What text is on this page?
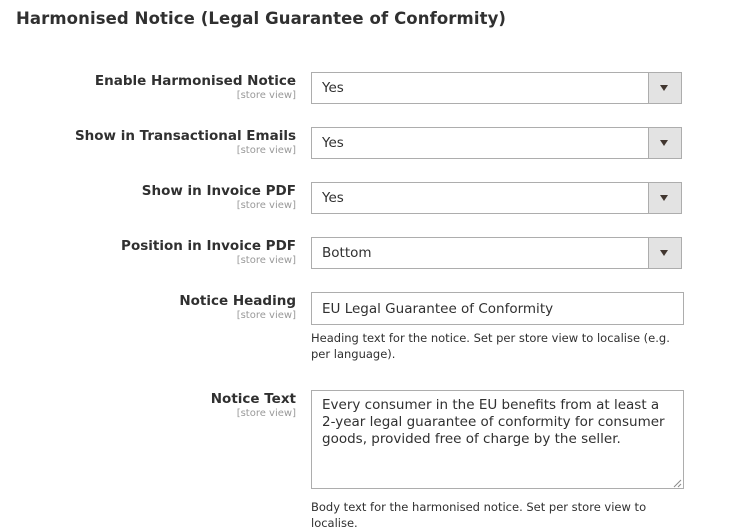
Harmonised Notice (Legal Guarantee of Conformity)
Enable Harmonised Notice
[store view] Yes
Show in Transactional Emails
[store view] Yes
Show in Invoice PDF
[store view] Yes
Position in Invoice PDF
[store view] Bottom
Notice Heading
[store view]
EU Legal Guarantee of Conformity
Heading text for the notice. Set per store view to localise (e.g. per language).
Notice Text
[store view]
Every consumer in the EU benefits from at least a 2-year legal guarantee of conformity for consumer goods, provided free of charge by the seller.
Body text for the harmonised notice. Set per store view to localise.
